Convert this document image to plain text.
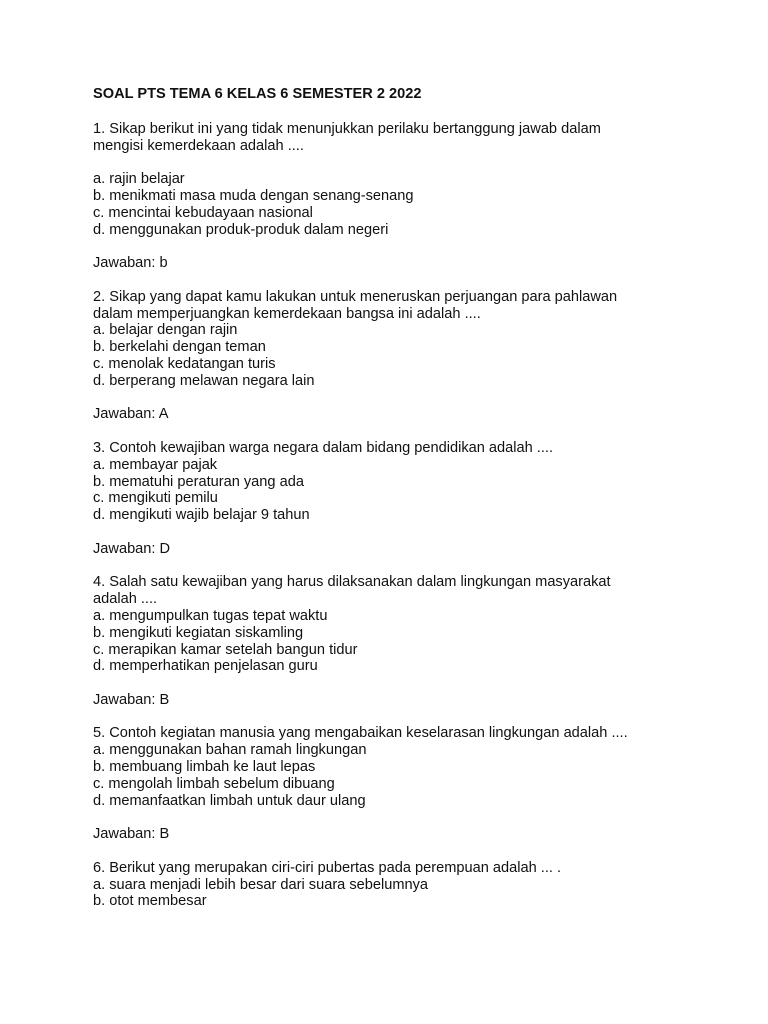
SOAL PTS TEMA 6 KELAS 6 SEMESTER 2 2022
1. Sikap berikut ini yang tidak menunjukkan perilaku bertanggung jawab dalam
mengisi kemerdekaan adalah ....
a. rajin belajar
b. menikmati masa muda dengan senang-senang
c. mencintai kebudayaan nasional
d. menggunakan produk-produk dalam negeri
Jawaban: b
2. Sikap yang dapat kamu lakukan untuk meneruskan perjuangan para pahlawan
dalam memperjuangkan kemerdekaan bangsa ini adalah ....
a. belajar dengan rajin
b. berkelahi dengan teman
c. menolak kedatangan turis
d. berperang melawan negara lain
Jawaban: A
3. Contoh kewajiban warga negara dalam bidang pendidikan adalah ....
a. membayar pajak
b. mematuhi peraturan yang ada
c. mengikuti pemilu
d. mengikuti wajib belajar 9 tahun
Jawaban: D
4. Salah satu kewajiban yang harus dilaksanakan dalam lingkungan masyarakat
adalah ....
a. mengumpulkan tugas tepat waktu
b. mengikuti kegiatan siskamling
c. merapikan kamar setelah bangun tidur
d. memperhatikan penjelasan guru
Jawaban: B
5. Contoh kegiatan manusia yang mengabaikan keselarasan lingkungan adalah ....
a. menggunakan bahan ramah lingkungan
b. membuang limbah ke laut lepas
c. mengolah limbah sebelum dibuang
d. memanfaatkan limbah untuk daur ulang
Jawaban: B
6. Berikut yang merupakan ciri-ciri pubertas pada perempuan adalah ... .
a. suara menjadi lebih besar dari suara sebelumnya
b. otot membesar
